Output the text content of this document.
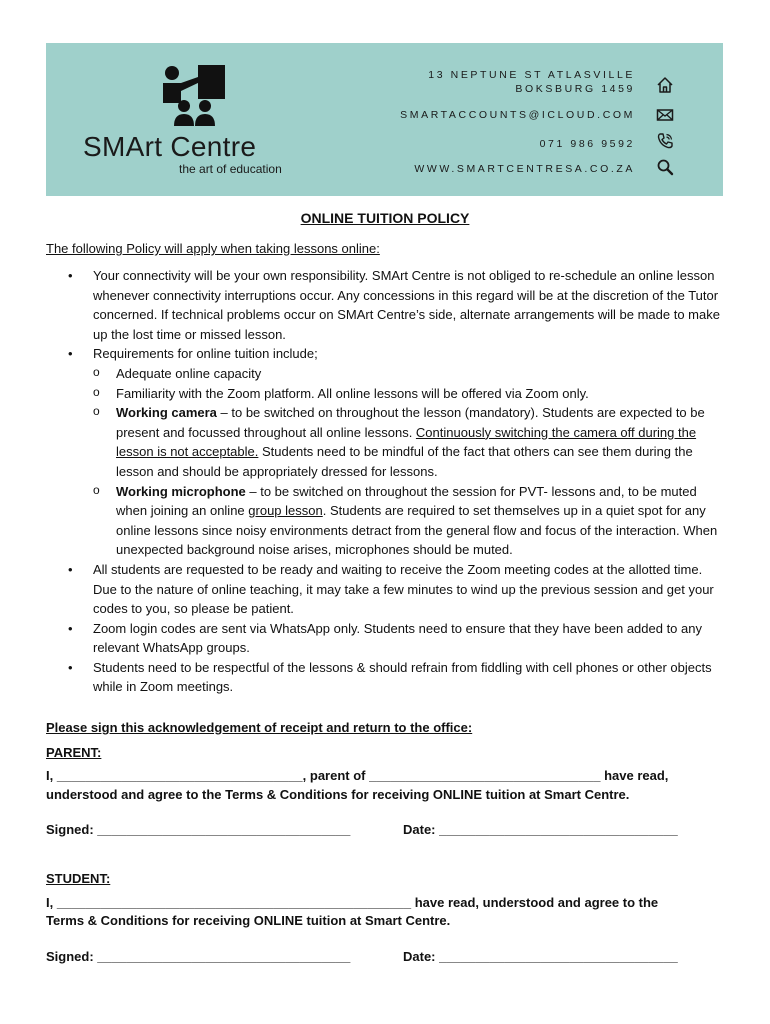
SMArt Centre
the art of education
13 NEPTUNE ST ATLASVILLE
BOKSBURG 1459
SMARTACCOUNTS@ICLOUD.COM
071 986 9592
WWW.SMARTCENTRESA.CO.ZA
ONLINE TUITION POLICY
The following Policy will apply when taking lessons online:
• Your connectivity will be your own responsibility. SMArt Centre is not obliged to re-schedule an online lesson whenever connectivity interruptions occur. Any concessions in this regard will be at the discretion of the Tutor concerned. If technical problems occur on SMArt Centre’s side, alternate arrangements will be made to make up the lost time or missed lesson.
• Requirements for online tuition include;
o Adequate online capacity
o Familiarity with the Zoom platform. All online lessons will be offered via Zoom only.
o Working camera – to be switched on throughout the lesson (mandatory). Students are expected to be present and focussed throughout all online lessons. Continuously switching the camera off during the lesson is not acceptable. Students need to be mindful of the fact that others can see them during the lesson and should be appropriately dressed for lessons.
o Working microphone – to be switched on throughout the session for PVT- lessons and, to be muted when joining an online group lesson. Students are required to set themselves up in a quiet spot for any online lessons since noisy environments detract from the general flow and focus of the interaction. When unexpected background noise arises, microphones should be muted.
• All students are requested to be ready and waiting to receive the Zoom meeting codes at the allotted time. Due to the nature of online teaching, it may take a few minutes to wind up the previous session and get your codes to you, so please be patient.
• Zoom login codes are sent via WhatsApp only. Students need to ensure that they have been added to any relevant WhatsApp groups.
• Students need to be respectful of the lessons & should refrain from fiddling with cell phones or other objects while in Zoom meetings.
Please sign this acknowledgement of receipt and return to the office:
PARENT:
I, __________________________________, parent of ________________________________ have read,
understood and agree to the Terms & Conditions for receiving ONLINE tuition at Smart Centre.
Signed: ___________________________________	Date: _________________________________
STUDENT:
I, _________________________________________________ have read, understood and agree to the
Terms & Conditions for receiving ONLINE tuition at Smart Centre.
Signed: ___________________________________	Date: _________________________________
